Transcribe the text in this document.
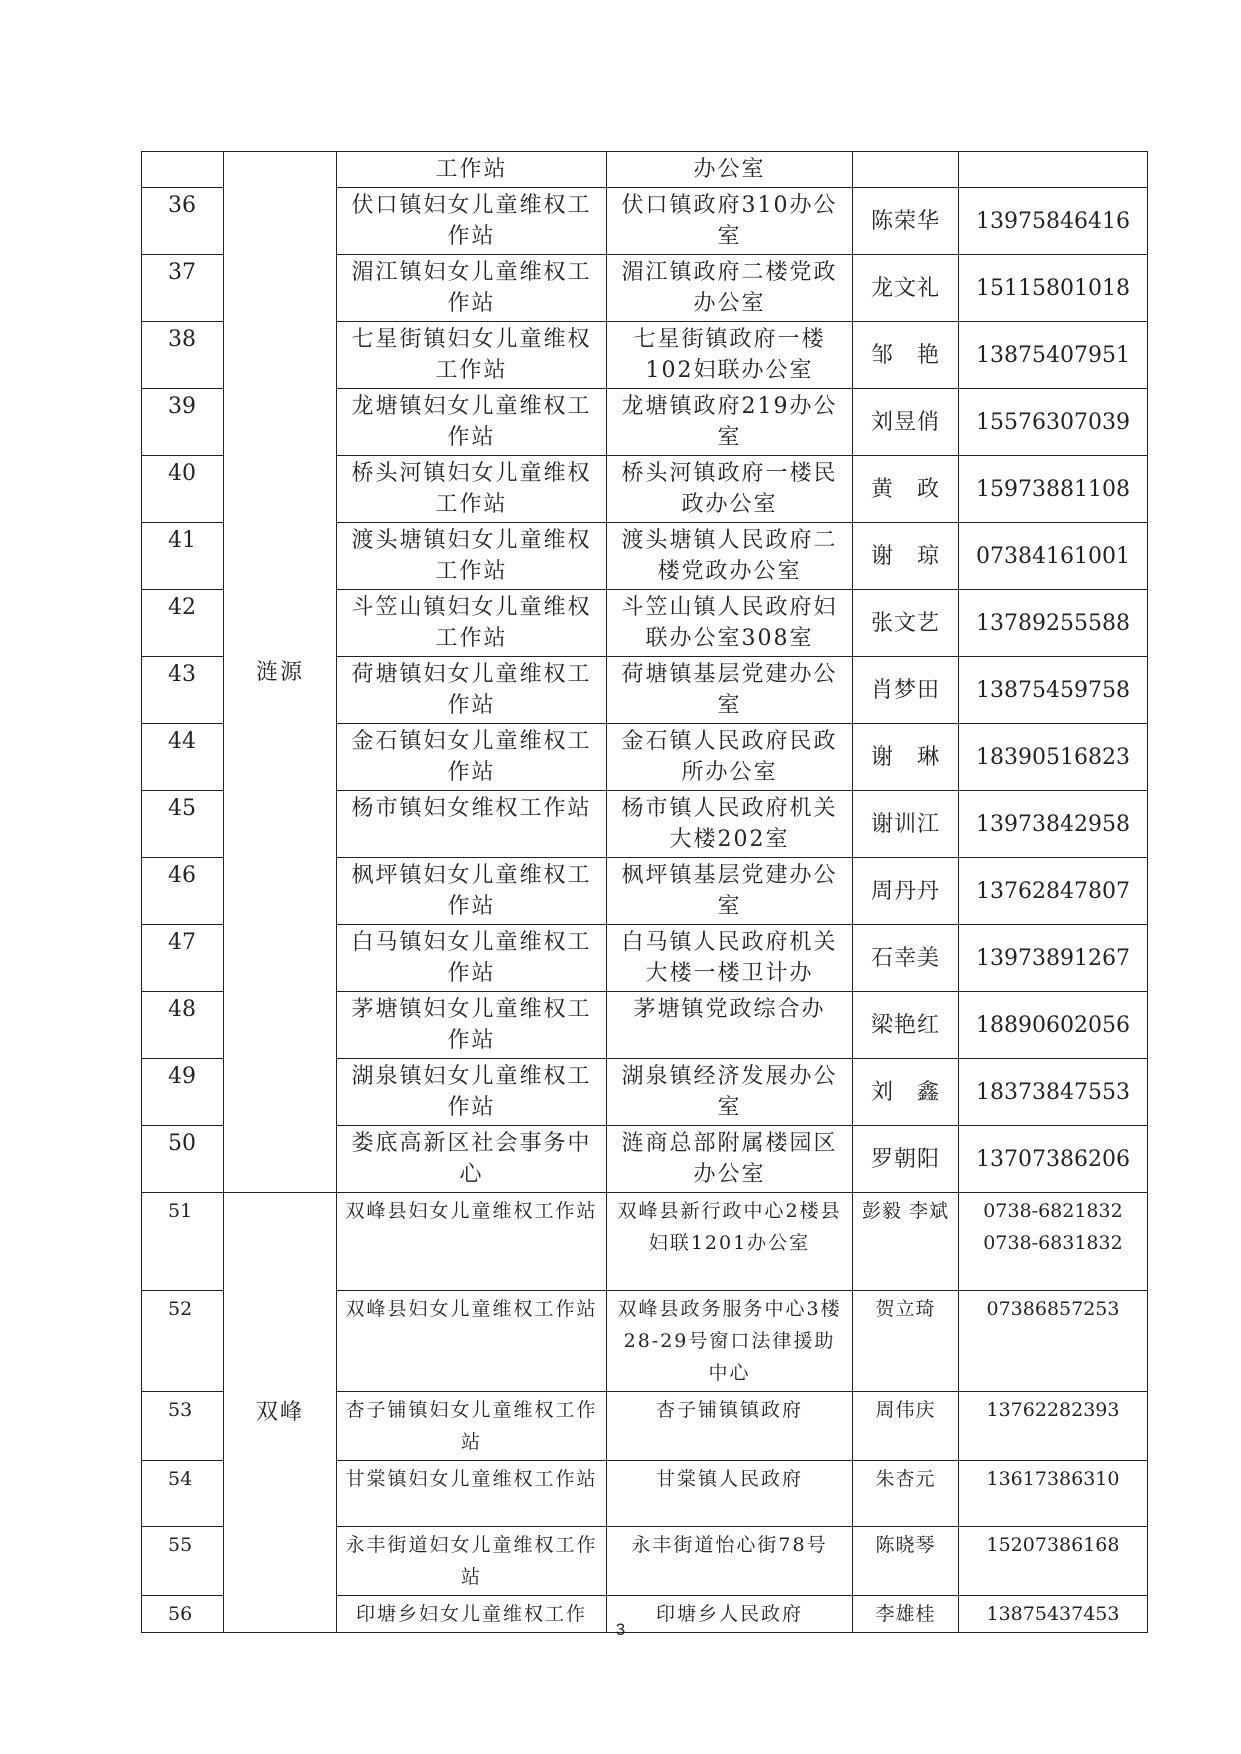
	涟源	工作站	办公室		
36		伏口镇妇女儿童维权工作站	伏口镇政府310办公室	陈荣华	13975846416
37		湄江镇妇女儿童维权工作站	湄江镇政府二楼党政办公室	龙文礼	15115801018
38		七星街镇妇女儿童维权工作站	七星街镇政府一楼102妇联办公室	邹　艳	13875407951
39		龙塘镇妇女儿童维权工作站	龙塘镇政府219办公室	刘昱俏	15576307039
40		桥头河镇妇女儿童维权工作站	桥头河镇政府一楼民政办公室	黄　政	15973881108
41		渡头塘镇妇女儿童维权工作站	渡头塘镇人民政府二楼党政办公室	谢　琼	07384161001
42		斗笠山镇妇女儿童维权工作站	斗笠山镇人民政府妇联办公室308室	张文艺	13789255588
43		荷塘镇妇女儿童维权工作站	荷塘镇基层党建办公室	肖梦田	13875459758
44		金石镇妇女儿童维权工作站	金石镇人民政府民政所办公室	谢　琳	18390516823
45		杨市镇妇女维权工作站	杨市镇人民政府机关大楼202室	谢训江	13973842958
46		枫坪镇妇女儿童维权工作站	枫坪镇基层党建办公室	周丹丹	13762847807
47		白马镇妇女儿童维权工作站	白马镇人民政府机关大楼一楼卫计办	石幸美	13973891267
48		茅塘镇妇女儿童维权工作站	茅塘镇党政综合办	梁艳红	18890602056
49		湖泉镇妇女儿童维权工作站	湖泉镇经济发展办公室	刘　鑫	18373847553
50		娄底高新区社会事务中心	涟商总部附属楼园区办公室	罗朝阳	13707386206
51	双峰	双峰县妇女儿童维权工作站	双峰县新行政中心2楼县妇联1201办公室	彭毅 李斌	0738-6821832 0738-6831832
52		双峰县妇女儿童维权工作站	双峰县政务服务中心3楼28-29号窗口法律援助中心	贺立琦	07386857253
53		杏子铺镇妇女儿童维权工作站	杏子铺镇镇政府	周伟庆	13762282393
54		甘棠镇妇女儿童维权工作站	甘棠镇人民政府	朱杏元	13617386310
55		永丰街道妇女儿童维权工作站	永丰街道怡心街78号	陈晓琴	15207386168
56		印塘乡妇女儿童维权工作	印塘乡人民政府	李雄桂	13875437453
3
